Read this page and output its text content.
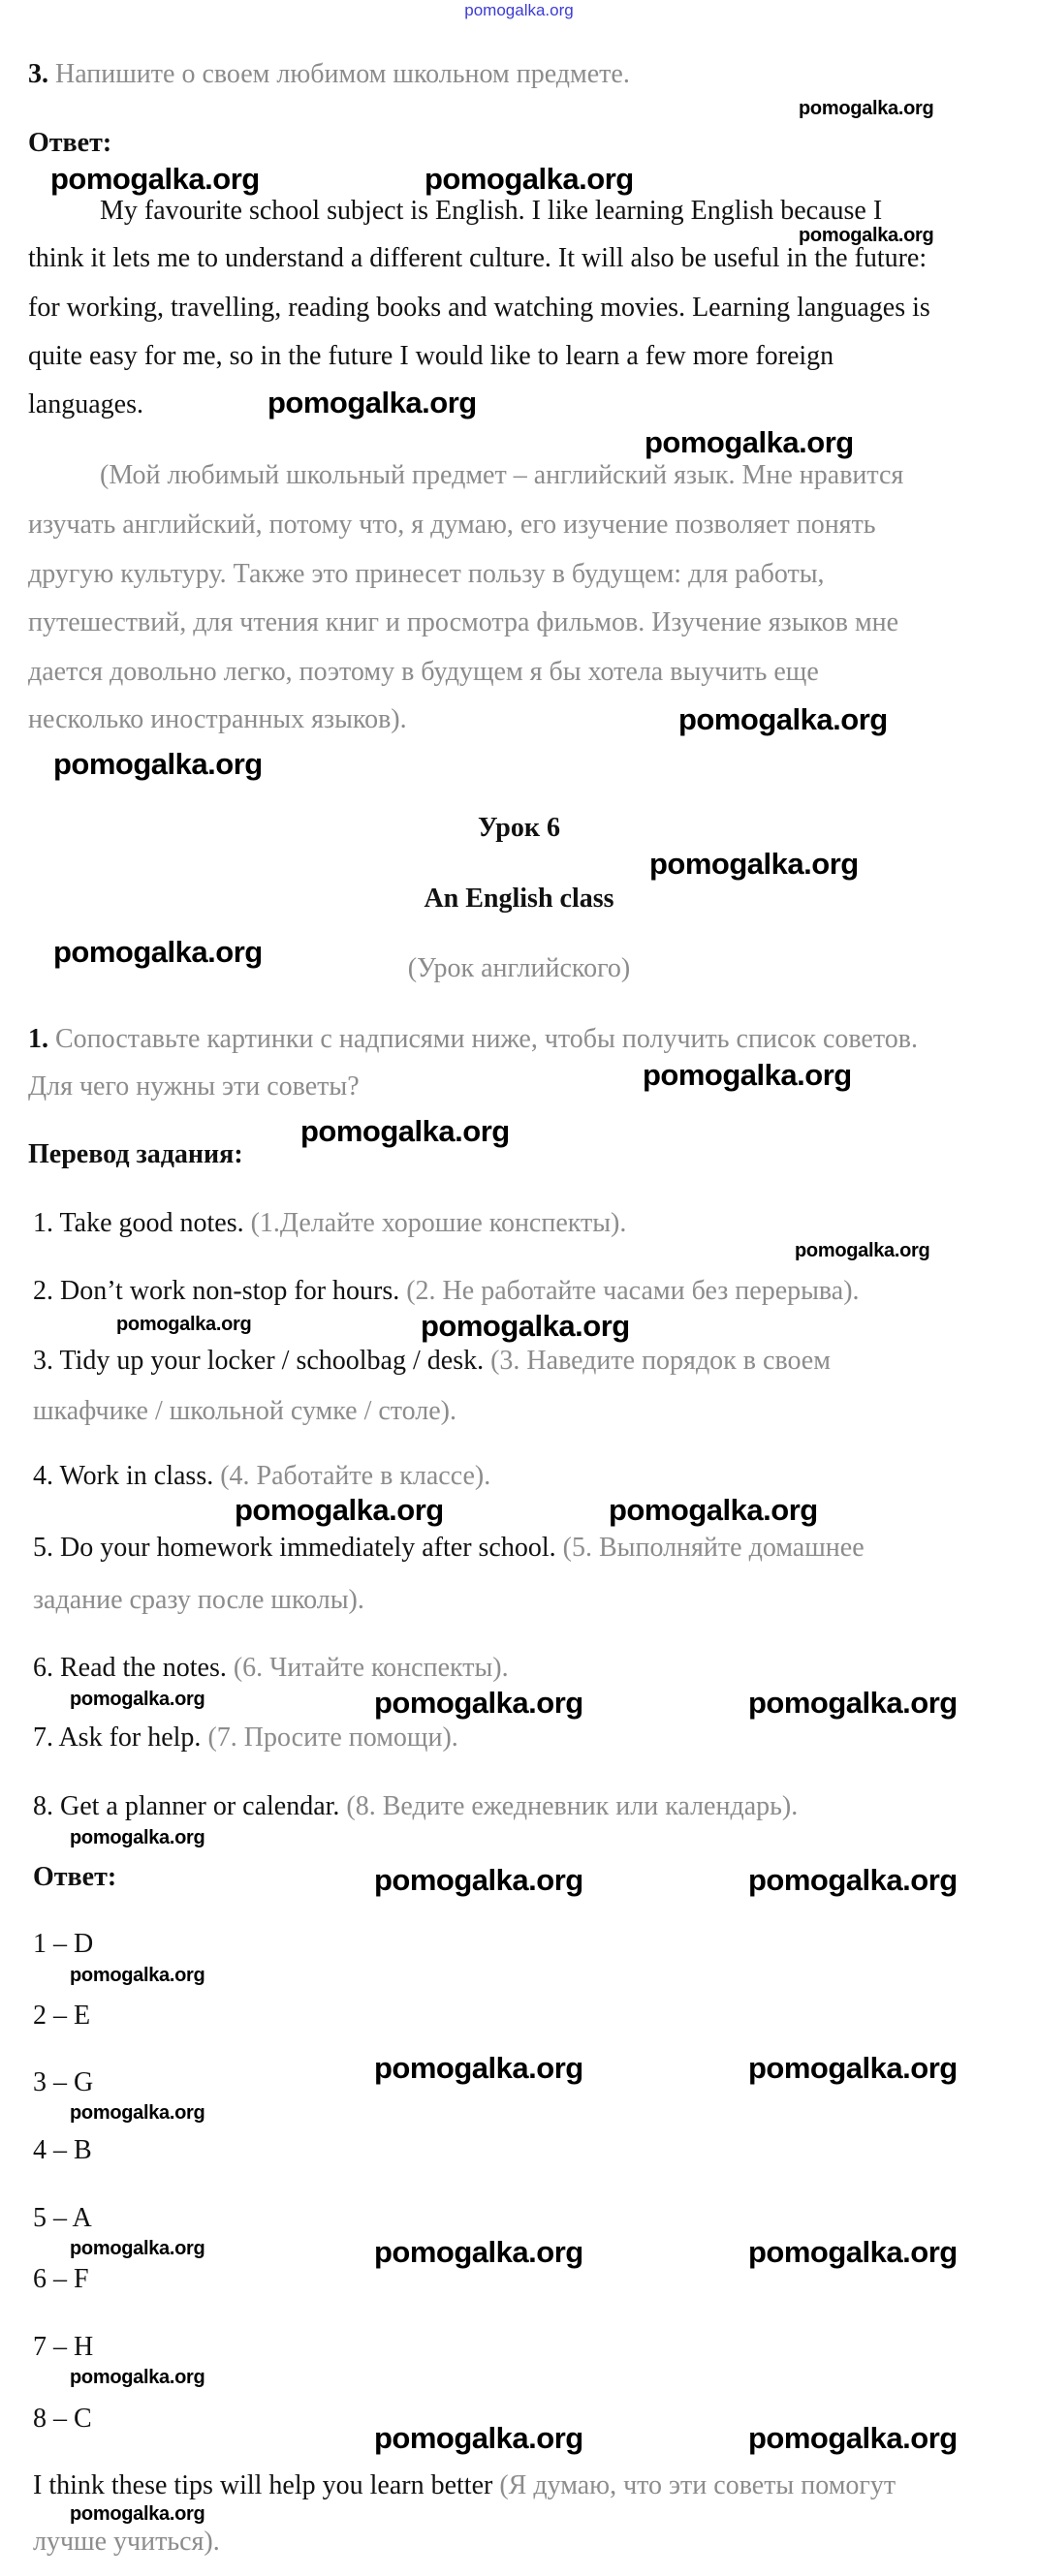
pomogalka.org
3. Напишите о своем любимом школьном предмете.
Ответ:
My favourite school subject is English. I like learning English because I
think it lets me to understand a different culture. It will also be useful in the future:
for working, travelling, reading books and watching movies. Learning languages is
quite easy for me, so in the future I would like to learn a few more foreign
languages.
(Мой любимый школьный предмет – английский язык. Мне нравится
изучать английский, потому что, я думаю, его изучение позволяет понять
другую культуру. Также это принесет пользу в будущем: для работы,
путешествий, для чтения книг и просмотра фильмов. Изучение языков мне
дается довольно легко, поэтому в будущем я бы хотела выучить еще
несколько иностранных языков).
Урок 6
An English class
(Урок английского)
1. Сопоставьте картинки с надписями ниже, чтобы получить список советов.
Для чего нужны эти советы?
Перевод задания:
1. Take good notes. (1.Делайте хорошие конспекты).
2. Don’t work non-stop for hours. (2. Не работайте часами без перерыва).
3. Tidy up your locker / schoolbag / desk. (3. Наведите порядок в своем
шкафчике / школьной сумке / столе).
4. Work in class. (4. Работайте в классе).
5. Do your homework immediately after school. (5. Выполняйте домашнее
задание сразу после школы).
6. Read the notes. (6. Читайте конспекты).
7. Ask for help. (7. Просите помощи).
8. Get a planner or calendar. (8. Ведите ежедневник или календарь).
Ответ:
1 – D
2 – E
3 – G
4 – B
5 – A
6 – F
7 – H
8 – C
I think these tips will help you learn better (Я думаю, что эти советы помогут
лучше учиться).
pomogalka.org	pomogalka.org
pomogalka.org
pomogalka.org
pomogalka.org
pomogalka.org
pomogalka.org
pomogalka.org
pomogalka.org
pomogalka.org
pomogalka.org
pomogalka.org	pomogalka.org
pomogalka.org	pomogalka.org
pomogalka.org	pomogalka.org
pomogalka.org	pomogalka.org
pomogalka.org	pomogalka.org
pomogalka.org	pomogalka.org
pomogalka.org
pomogalka.org
pomogalka.org
pomogalka.org
pomogalka.org
pomogalka.org
pomogalka.org
pomogalka.org
pomogalka.org
pomogalka.org
pomogalka.org
